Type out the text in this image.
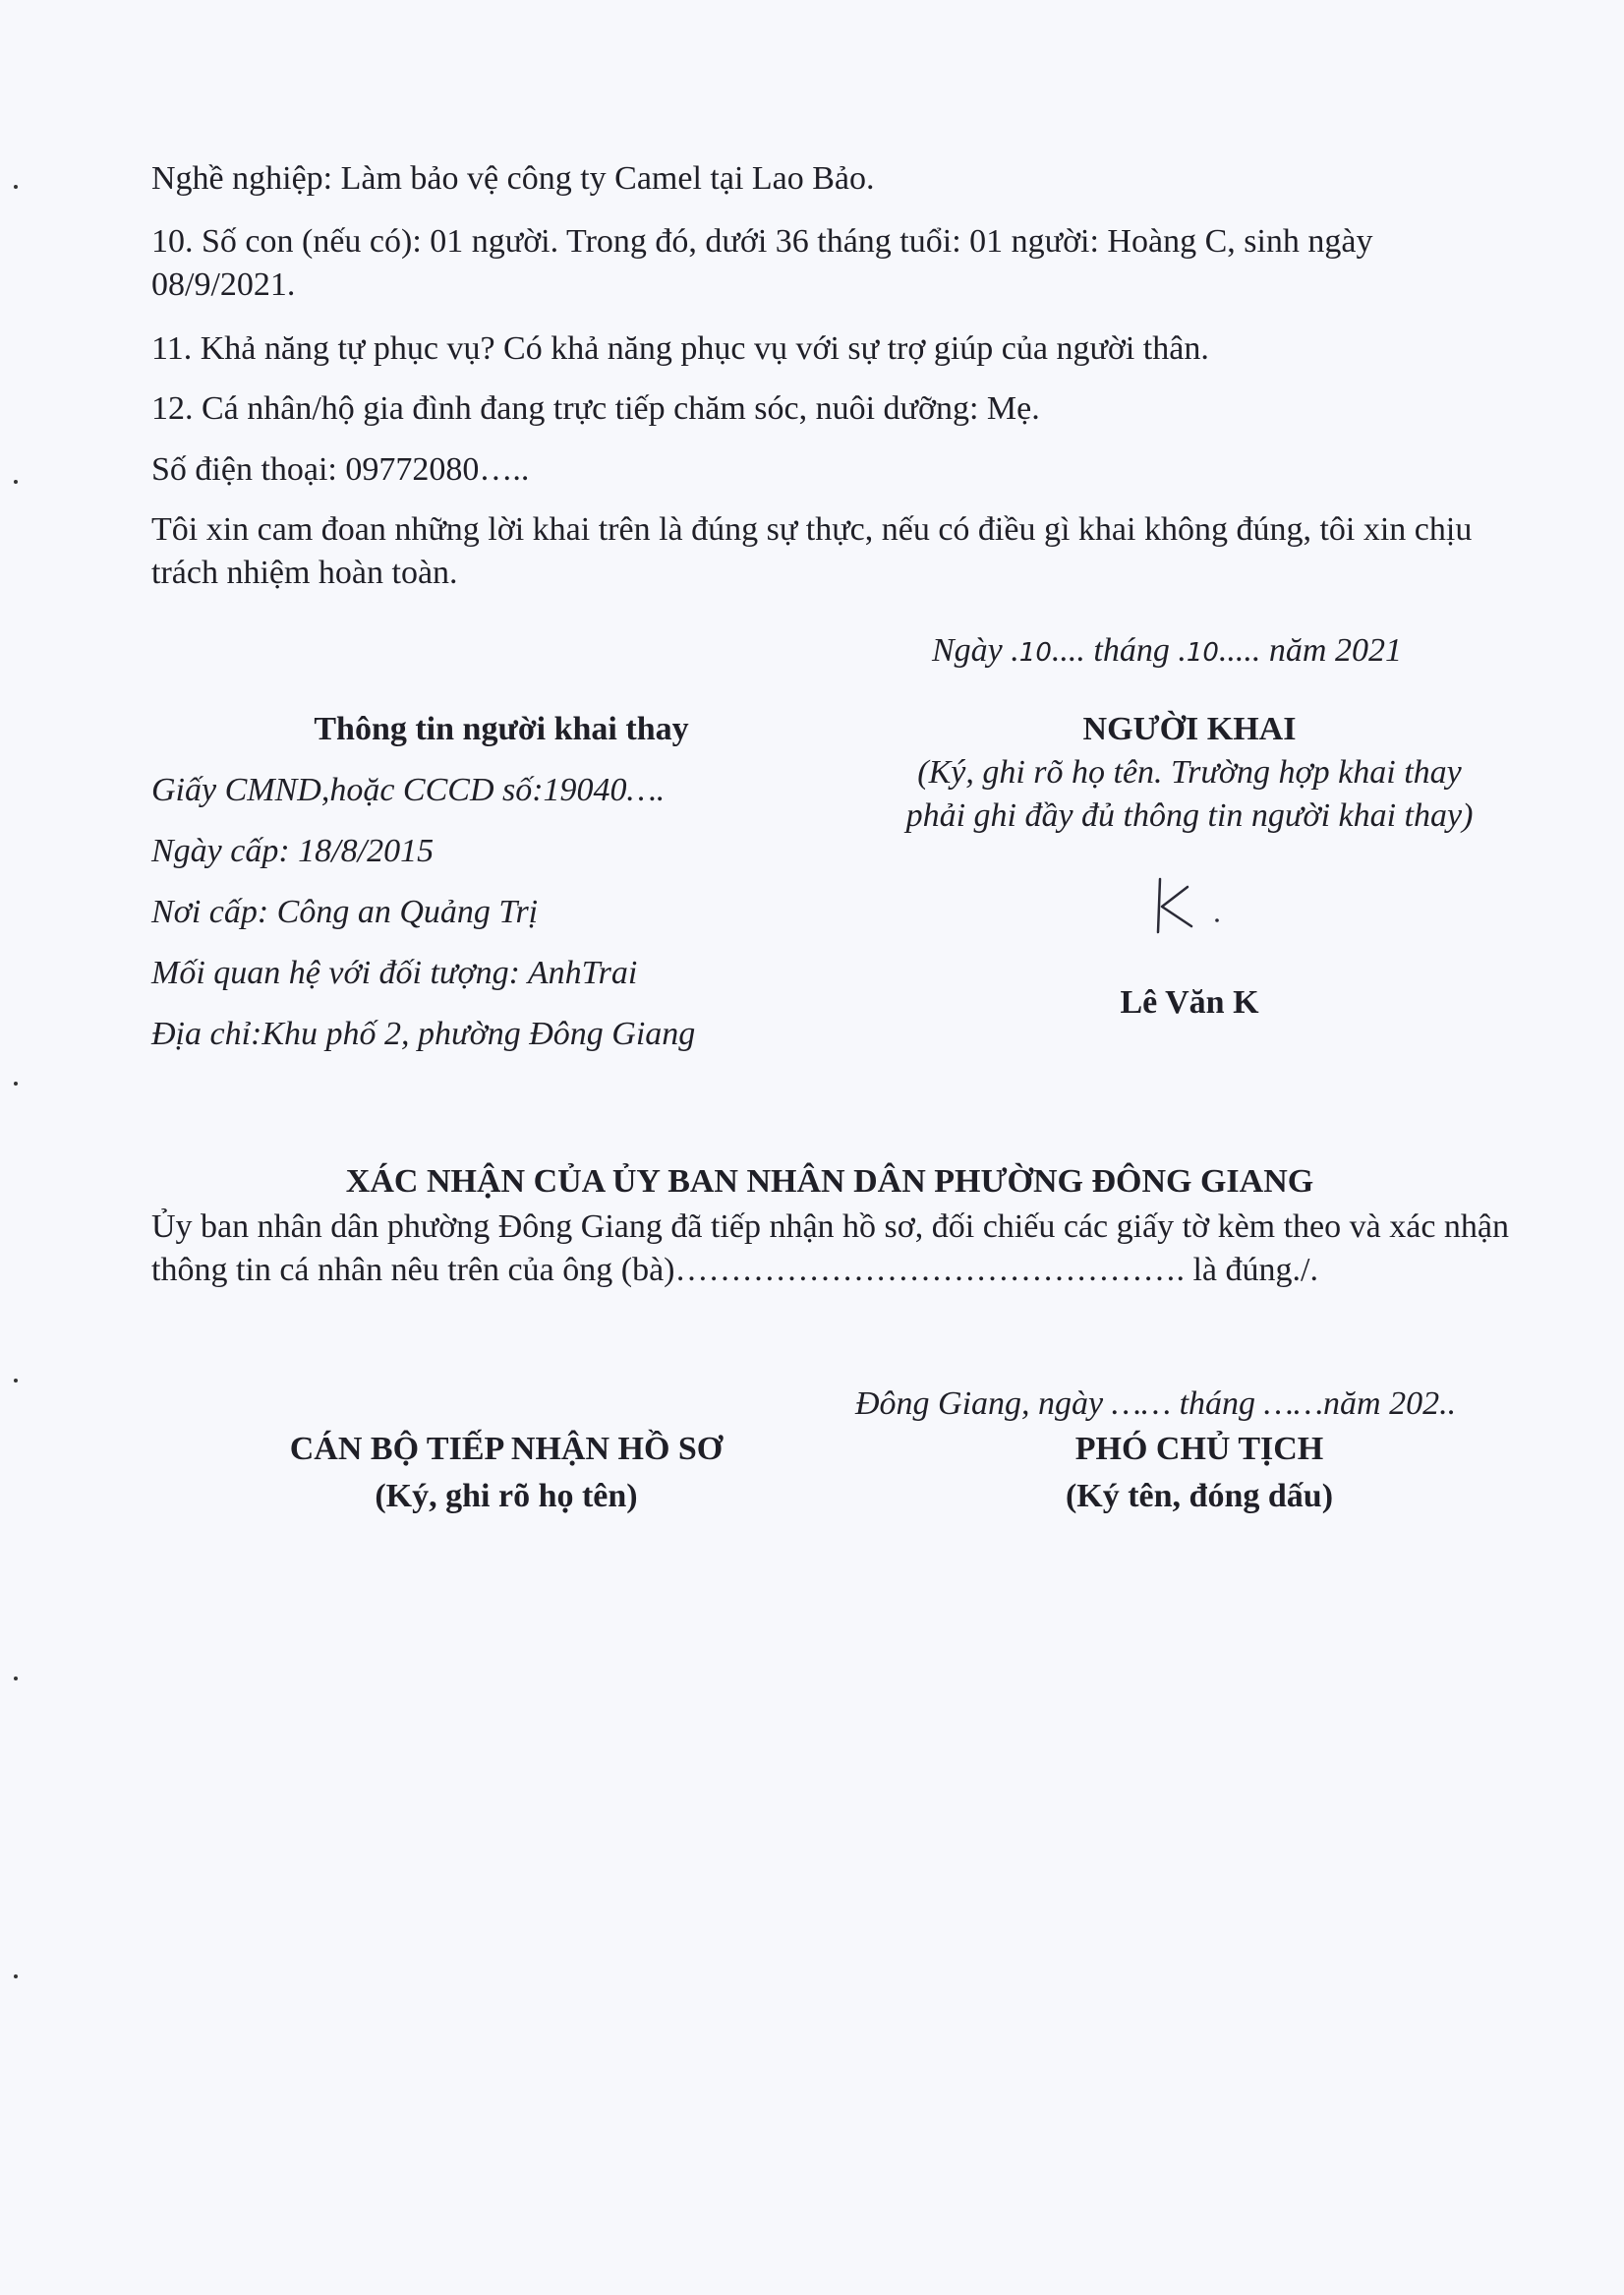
Nghề nghiệp: Làm bảo vệ công ty Camel tại Lao Bảo.
10. Số con (nếu có): 01 người. Trong đó, dưới 36 tháng tuổi: 01 người: Hoàng C, sinh ngày 08/9/2021.
11. Khả năng tự phục vụ? Có khả năng phục vụ với sự trợ giúp của người thân.
12. Cá nhân/hộ gia đình đang trực tiếp chăm sóc, nuôi dưỡng: Mẹ.
Số điện thoại: 09772080…..
Tôi xin cam đoan những lời khai trên là đúng sự thực, nếu có điều gì khai không đúng, tôi xin chịu trách nhiệm hoàn toàn.
Ngày .10.... tháng .10..... năm 2021
Thông tin người khai thay
Giấy CMND,hoặc CCCD số:19040….
Ngày cấp: 18/8/2015
Nơi cấp: Công an Quảng Trị
Mối quan hệ với đối tượng: AnhTrai
Địa chỉ:Khu phố 2, phường Đông Giang
NGƯỜI KHAI
(Ký, ghi rõ họ tên. Trường hợp khai thay
phải ghi đầy đủ thông tin người khai thay)
Lê Văn K
XÁC NHẬN CỦA ỦY BAN NHÂN DÂN PHƯỜNG ĐÔNG GIANG
Ủy ban nhân dân phường Đông Giang đã tiếp nhận hồ sơ, đối chiếu các giấy tờ kèm theo và xác nhận thông tin cá nhân nêu trên của ông (bà)………………………………………. là đúng./.
Đông Giang, ngày …… tháng ……năm 202..
CÁN BỘ TIẾP NHẬN HỒ SƠ
(Ký, ghi rõ họ tên)
PHÓ CHỦ TỊCH
(Ký tên, đóng dấu)
